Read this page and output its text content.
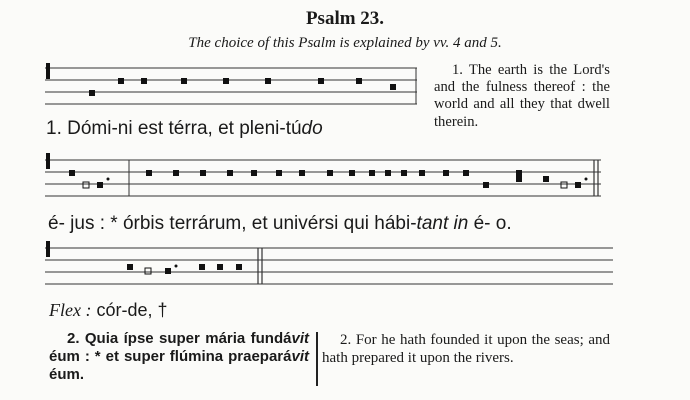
Psalm 23.
The choice of this Psalm is explained by vv. 4 and 5.
1. Dómi-ni est térra, et pleni-túdo
1. The earth is the Lord's and the fulness thereof : the world and all they that dwell therein.
é- jus : * órbis terrárum, et univérsi qui hábi-tant in é- o.
Flex : cór-de, †
2. Quia ípse super mária fundávit éum : * et super flúmina praeparávit éum.
2. For he hath founded it upon the seas; and hath prepared it upon the rivers.
